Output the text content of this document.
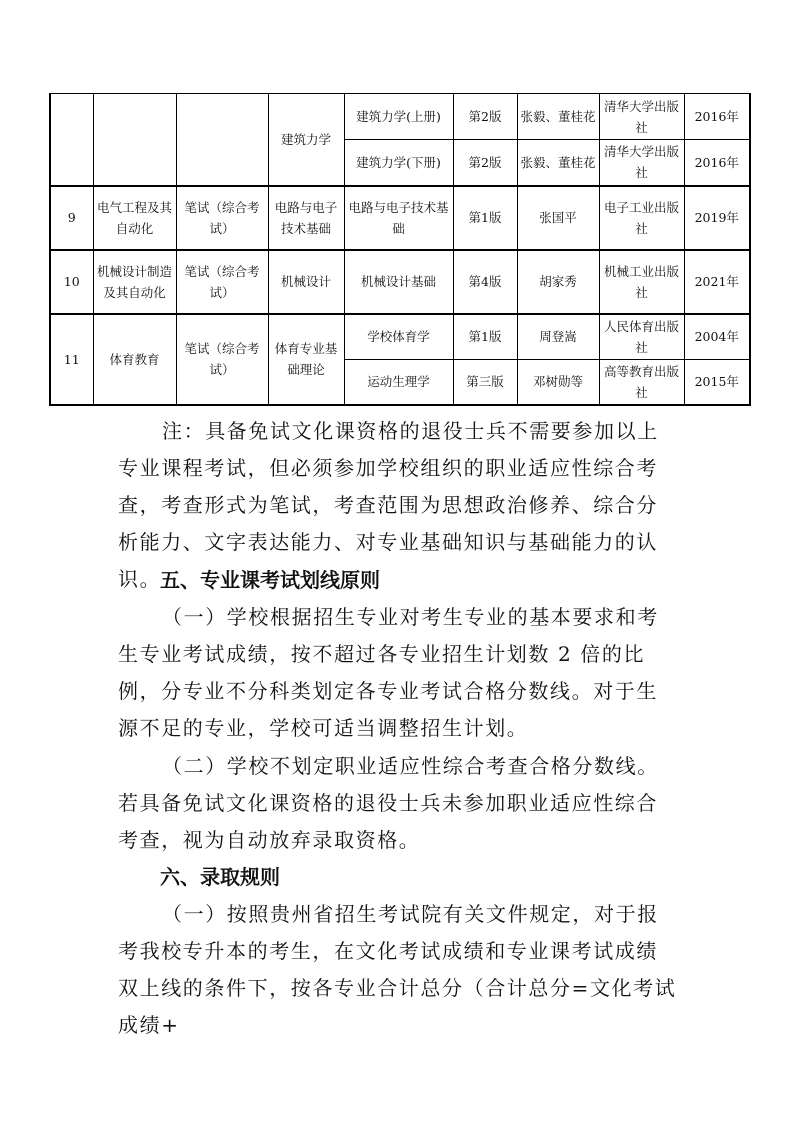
			建筑力学	建筑力学(上册)	第2版	张毅、董桂花	清华大学出版社	2016年
				建筑力学(下册)	第2版	张毅、董桂花	清华大学出版社	2016年
9	电气工程及其自动化	笔试（综合考试）	电路与电子技术基础	电路与电子技术基础	第1版	张国平	电子工业出版社	2019年
10	机械设计制造及其自动化	笔试（综合考试）	机械设计	机械设计基础	第4版	胡家秀	机械工业出版社	2021年
11	体育教育	笔试（综合考试）	体育专业基础理论	学校体育学	第1版	周登嵩	人民体育出版社	2004年
				运动生理学	第三版	邓树勋等	高等教育出版社	2015年

注：具备免试文化课资格的退役士兵不需要参加以上专业课程考试，但必须参加学校组织的职业适应性综合考查，考查形式为笔试，考查范围为思想政治修养、综合分析能力、文字表达能力、对专业基础知识与基础能力的认识。

五、专业课考试划线原则

（一）学校根据招生专业对考生专业的基本要求和考生专业考试成绩，按不超过各专业招生计划数 2 倍的比例，分专业不分科类划定各专业考试合格分数线。对于生源不足的专业，学校可适当调整招生计划。

（二）学校不划定职业适应性综合考查合格分数线。若具备免试文化课资格的退役士兵未参加职业适应性综合考查，视为自动放弃录取资格。

六、录取规则

（一）按照贵州省招生考试院有关文件规定，对于报考我校专升本的考生，在文化考试成绩和专业课考试成绩双上线的条件下，按各专业合计总分（合计总分=文化考试成绩+
